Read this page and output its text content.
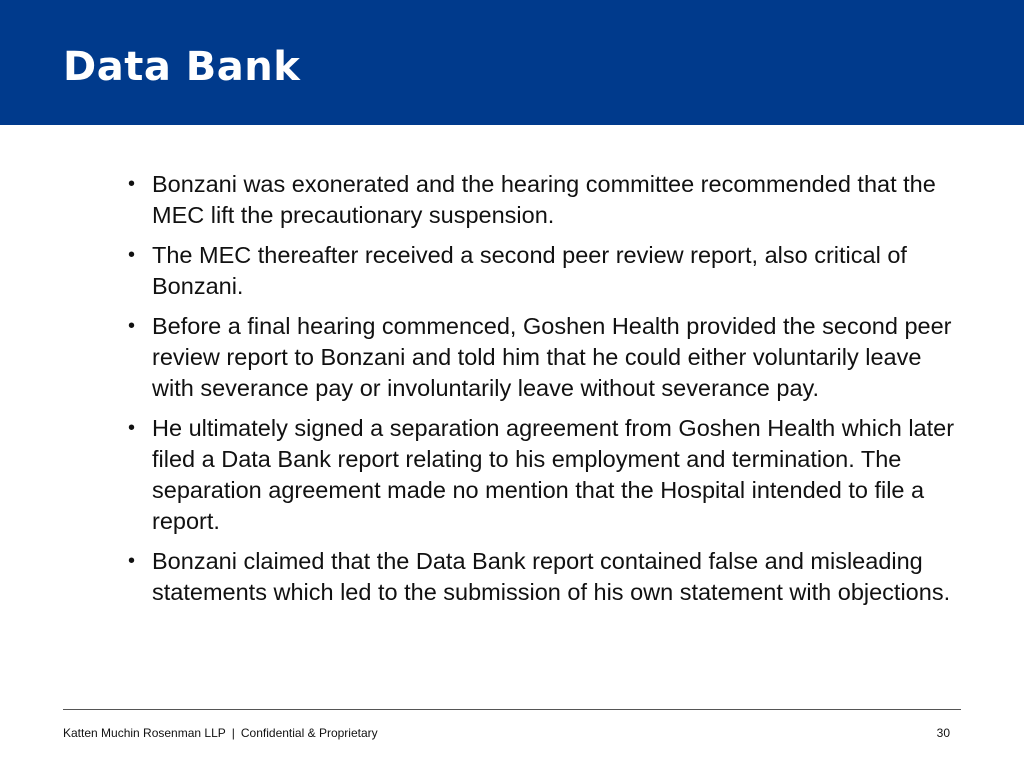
Data Bank
• Bonzani was exonerated and the hearing committee recommended that the MEC lift the precautionary suspension.
• The MEC thereafter received a second peer review report, also critical of Bonzani.
• Before a final hearing commenced, Goshen Health provided the second peer review report to Bonzani and told him that he could either voluntarily leave with severance pay or involuntarily leave without severance pay.
• He ultimately signed a separation agreement from Goshen Health which later filed a Data Bank report relating to his employment and termination. The separation agreement made no mention that the Hospital intended to file a report.
• Bonzani claimed that the Data Bank report contained false and misleading statements which led to the submission of his own statement with objections.
Katten Muchin Rosenman LLP | Confidential & Proprietary	30
